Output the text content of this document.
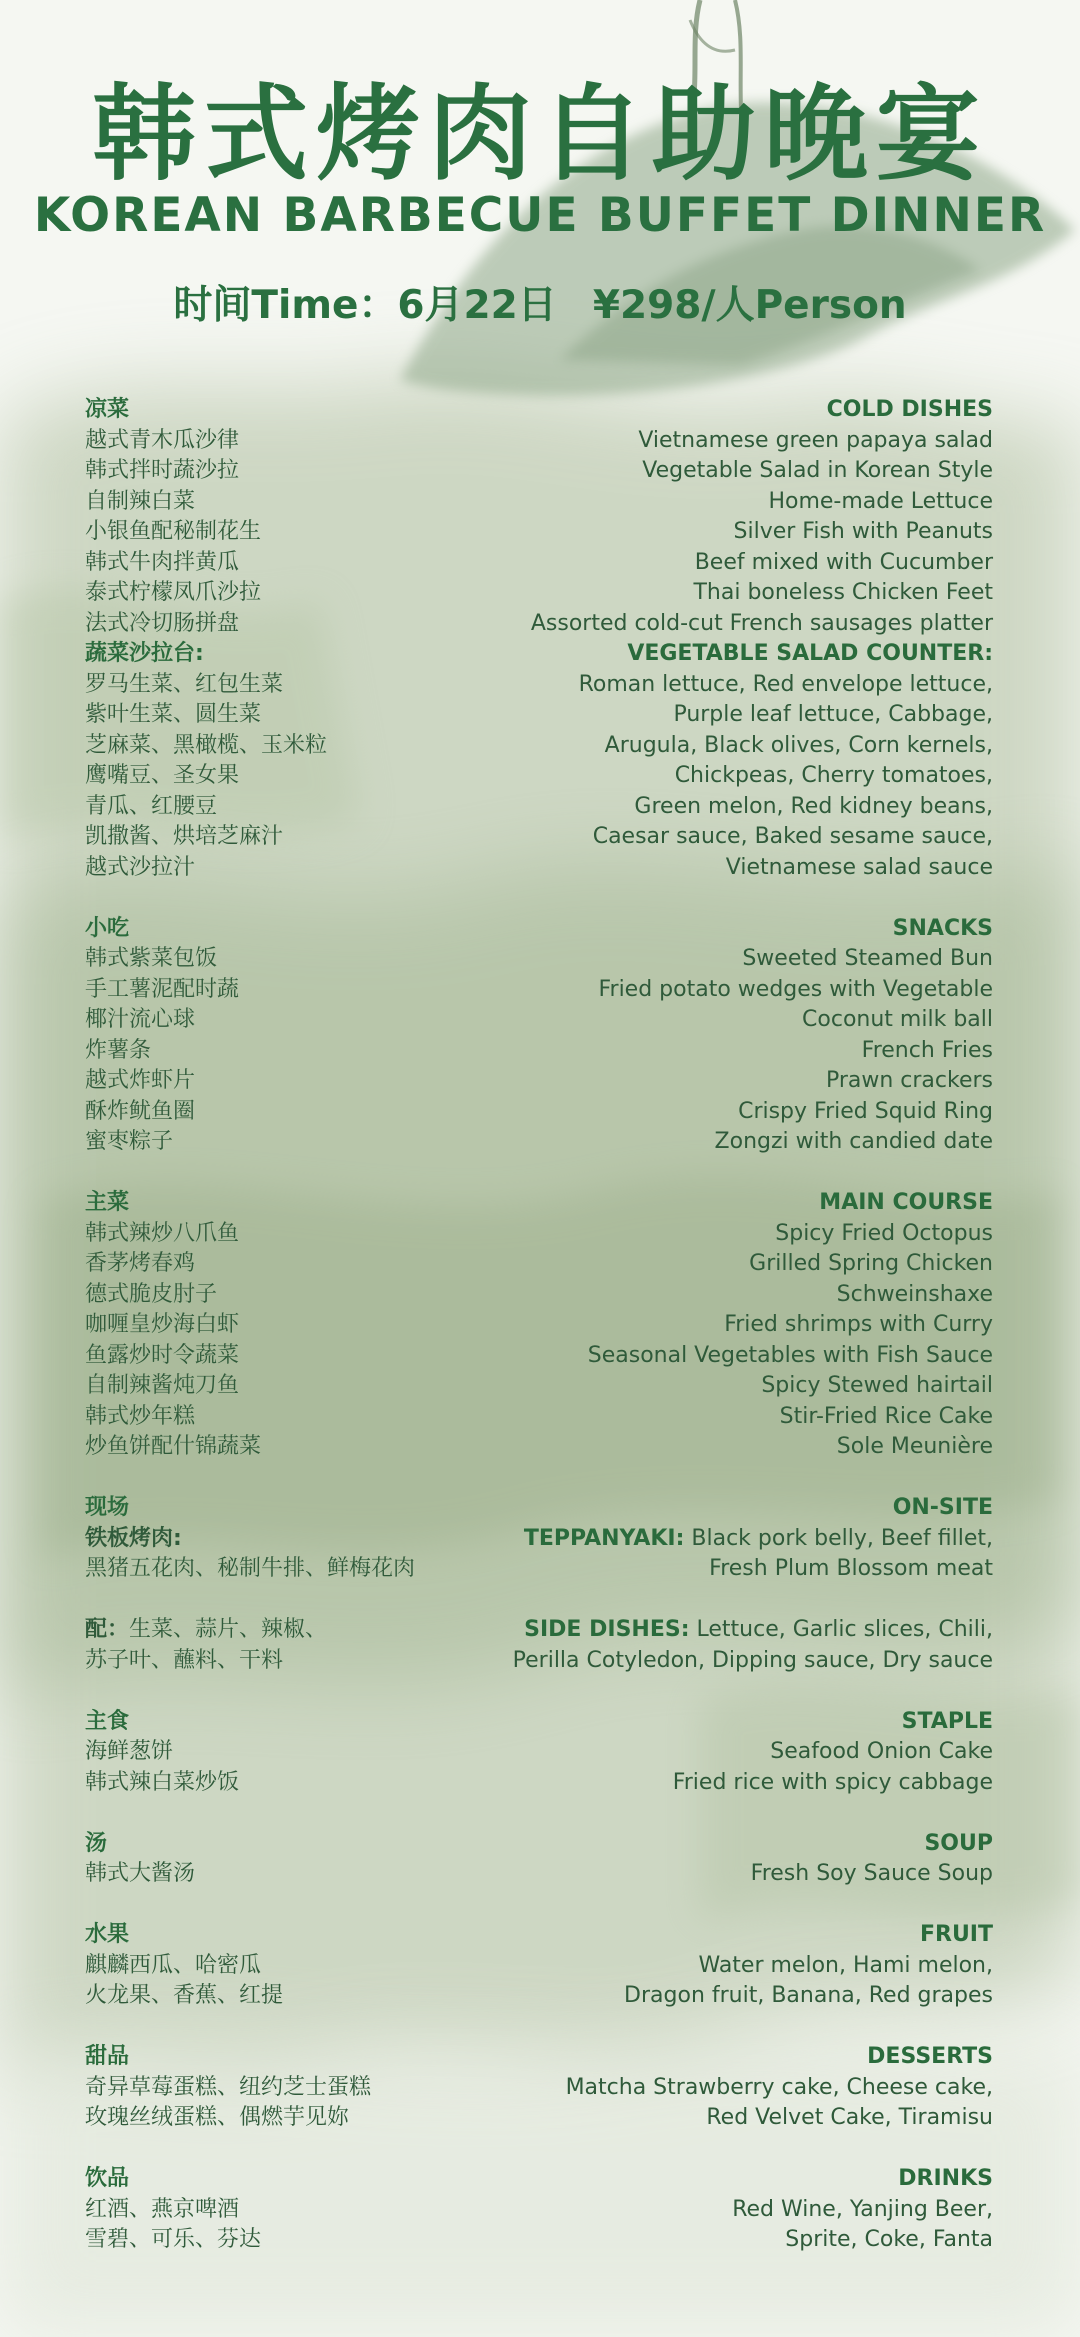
韩式烤肉自助晚宴
KOREAN BARBECUE BUFFET DINNER
时间Time：6月22日 ¥298/人Person
凉菜	COLD DISHES
越式青木瓜沙律	Vietnamese green papaya salad
韩式拌时蔬沙拉	Vegetable Salad in Korean Style
自制辣白菜	Home-made Lettuce
小银鱼配秘制花生	Silver Fish with Peanuts
韩式牛肉拌黄瓜	Beef mixed with Cucumber
泰式柠檬凤爪沙拉	Thai boneless Chicken Feet
法式冷切肠拼盘	Assorted cold-cut French sausages platter
蔬菜沙拉台:	VEGETABLE SALAD COUNTER:
罗马生菜、红包生菜	Roman lettuce, Red envelope lettuce,
紫叶生菜、圆生菜	Purple leaf lettuce, Cabbage,
芝麻菜、黑橄榄、玉米粒	Arugula, Black olives, Corn kernels,
鹰嘴豆、圣女果	Chickpeas, Cherry tomatoes,
青瓜、红腰豆	Green melon, Red kidney beans,
凯撒酱、烘培芝麻汁	Caesar sauce, Baked sesame sauce,
越式沙拉汁	Vietnamese salad sauce
小吃	SNACKS
韩式紫菜包饭	Sweeted Steamed Bun
手工薯泥配时蔬	Fried potato wedges with Vegetable
椰汁流心球	Coconut milk ball
炸薯条	French Fries
越式炸虾片	Prawn crackers
酥炸鱿鱼圈	Crispy Fried Squid Ring
蜜枣粽子	Zongzi with candied date
主菜	MAIN COURSE
韩式辣炒八爪鱼	Spicy Fried Octopus
香茅烤春鸡	Grilled Spring Chicken
德式脆皮肘子	Schweinshaxe
咖喱皇炒海白虾	Fried shrimps with Curry
鱼露炒时令蔬菜	Seasonal Vegetables with Fish Sauce
自制辣酱炖刀鱼	Spicy Stewed hairtail
韩式炒年糕	Stir-Fried Rice Cake
炒鱼饼配什锦蔬菜	Sole Meunière
现场	ON-SITE
铁板烤肉:	TEPPANYAKI: Black pork belly, Beef fillet,
黑猪五花肉、秘制牛排、鲜梅花肉	Fresh Plum Blossom meat
配：生菜、蒜片、辣椒、	SIDE DISHES: Lettuce, Garlic slices, Chili,
苏子叶、蘸料、干料	Perilla Cotyledon, Dipping sauce, Dry sauce
主食	STAPLE
海鲜葱饼	Seafood Onion Cake
韩式辣白菜炒饭	Fried rice with spicy cabbage
汤	SOUP
韩式大酱汤	Fresh Soy Sauce Soup
水果	FRUIT
麒麟西瓜、哈密瓜	Water melon, Hami melon,
火龙果、香蕉、红提	Dragon fruit, Banana, Red grapes
甜品	DESSERTS
奇异草莓蛋糕、纽约芝士蛋糕	Matcha Strawberry cake, Cheese cake,
玫瑰丝绒蛋糕、偶燃芋见妳	Red Velvet Cake, Tiramisu
饮品	DRINKS
红酒、燕京啤酒	Red Wine, Yanjing Beer,
雪碧、可乐、芬达	Sprite, Coke, Fanta
